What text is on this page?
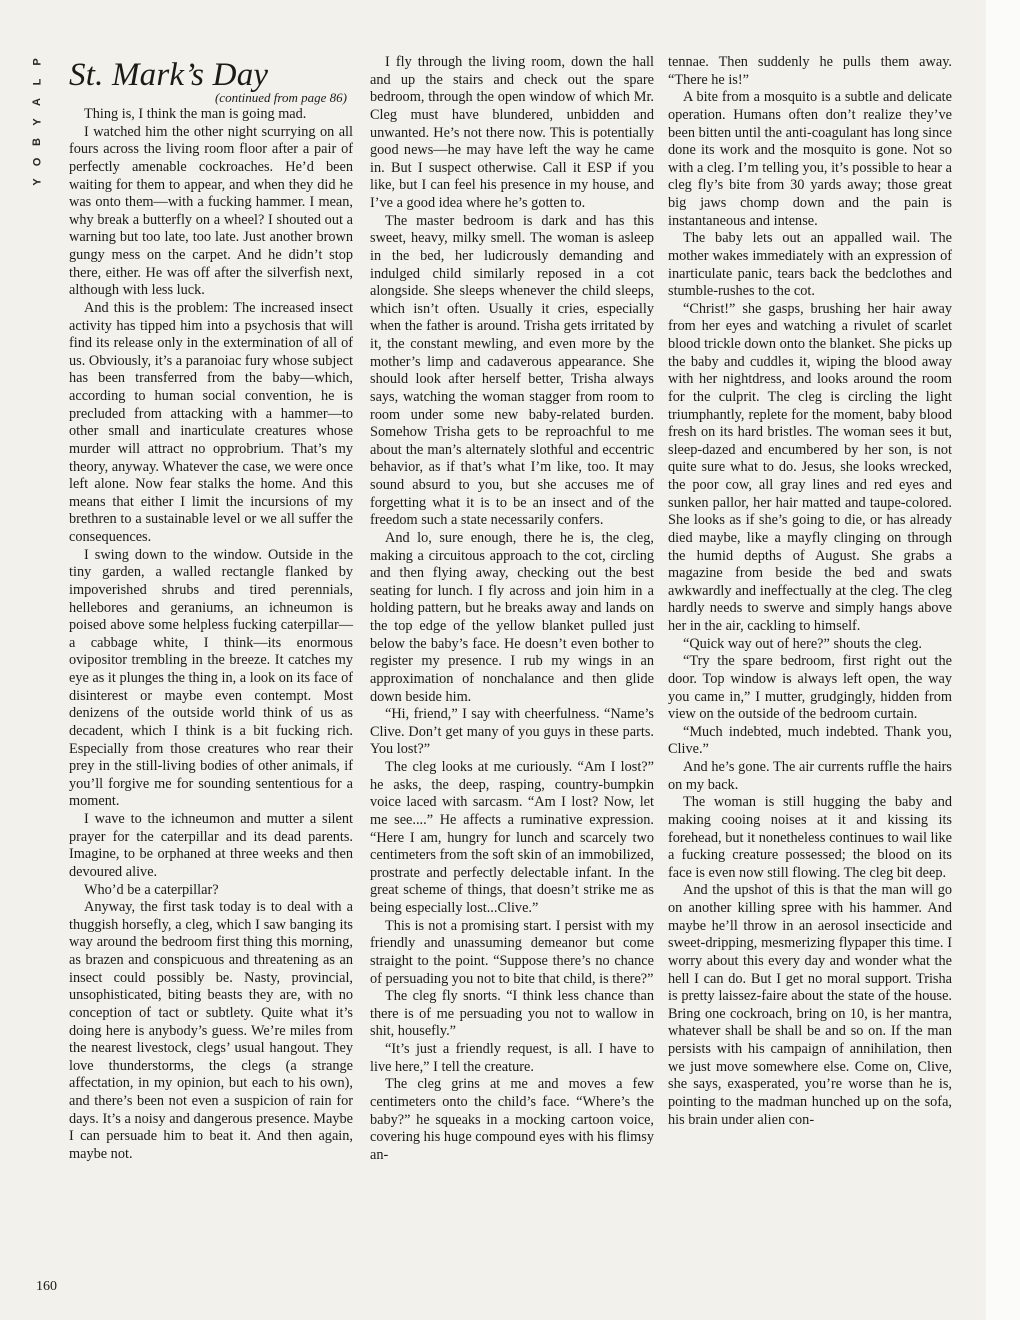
P
L
A
Y
B
O
Y
St. Mark’s Day
(continued from page 86)

Thing is, I think the man is going mad.

I watched him the other night scurrying on all fours across the living room floor after a pair of perfectly amenable cockroaches. He’d been waiting for them to appear, and when they did he was onto them—with a fucking hammer. I mean, why break a butterfly on a wheel? I shouted out a warning but too late, too late. Just another brown gungy mess on the carpet. And he didn’t stop there, either. He was off after the silverfish next, although with less luck.

And this is the problem: The increased insect activity has tipped him into a psychosis that will find its release only in the extermination of all of us. Obviously, it’s a paranoiac fury whose subject has been transferred from the baby—which, according to human social convention, he is precluded from attacking with a hammer—to other small and inarticulate creatures whose murder will attract no opprobrium. That’s my theory, anyway. Whatever the case, we were once left alone. Now fear stalks the home. And this means that either I limit the incursions of my brethren to a sustainable level or we all suffer the consequences.

I swing down to the window. Outside in the tiny garden, a walled rectangle flanked by impoverished shrubs and tired perennials, hellebores and geraniums, an ichneumon is poised above some helpless fucking caterpillar—a cabbage white, I think—its enormous ovipositor trembling in the breeze. It catches my eye as it plunges the thing in, a look on its face of disinterest or maybe even contempt. Most denizens of the outside world think of us as decadent, which I think is a bit fucking rich. Especially from those creatures who rear their prey in the still-living bodies of other animals, if you’ll forgive me for sounding sententious for a moment.

I wave to the ichneumon and mutter a silent prayer for the caterpillar and its dead parents. Imagine, to be orphaned at three weeks and then devoured alive.

Who’d be a caterpillar?

Anyway, the first task today is to deal with a thuggish horsefly, a cleg, which I saw banging its way around the bedroom first thing this morning, as brazen and conspicuous and threatening as an insect could possibly be. Nasty, provincial, unsophisticated, biting beasts they are, with no conception of tact or subtlety. Quite what it’s doing here is anybody’s guess. We’re miles from the nearest livestock, clegs’ usual hangout. They love thunderstorms, the clegs (a strange affectation, in my opinion, but each to his own), and there’s been not even a suspicion of rain for days. It’s a noisy and dangerous presence. Maybe I can persuade him to beat it. And then again, maybe not.

I fly through the living room, down the hall and up the stairs and check out the spare bedroom, through the open window of which Mr. Cleg must have blundered, unbidden and unwanted. He’s not there now. This is potentially good news—he may have left the way he came in. But I suspect otherwise. Call it ESP if you like, but I can feel his presence in my house, and I’ve a good idea where he’s gotten to.

The master bedroom is dark and has this sweet, heavy, milky smell. The woman is asleep in the bed, her ludicrously demanding and indulged child similarly reposed in a cot alongside. She sleeps whenever the child sleeps, which isn’t often. Usually it cries, especially when the father is around. Trisha gets irritated by it, the constant mewling, and even more by the mother’s limp and cadaverous appearance. She should look after herself better, Trisha always says, watching the woman stagger from room to room under some new baby-related burden. Somehow Trisha gets to be reproachful to me about the man’s alternately slothful and eccentric behavior, as if that’s what I’m like, too. It may sound absurd to you, but she accuses me of forgetting what it is to be an insect and of the freedom such a state necessarily confers.

And lo, sure enough, there he is, the cleg, making a circuitous approach to the cot, circling and then flying away, checking out the best seating for lunch. I fly across and join him in a holding pattern, but he breaks away and lands on the top edge of the yellow blanket pulled just below the baby’s face. He doesn’t even bother to register my presence. I rub my wings in an approximation of nonchalance and then glide down beside him.

“Hi, friend,” I say with cheerfulness. “Name’s Clive. Don’t get many of you guys in these parts. You lost?”

The cleg looks at me curiously. “Am I lost?” he asks, the deep, rasping, country-bumpkin voice laced with sarcasm. “Am I lost? Now, let me see....” He affects a ruminative expression. “Here I am, hungry for lunch and scarcely two centimeters from the soft skin of an immobilized, prostrate and perfectly delectable infant. In the great scheme of things, that doesn’t strike me as being especially lost...Clive.”

This is not a promising start. I persist with my friendly and unassuming demeanor but come straight to the point. “Suppose there’s no chance of persuading you not to bite that child, is there?”

The cleg fly snorts. “I think less chance than there is of me persuading you not to wallow in shit, housefly.”

“It’s just a friendly request, is all. I have to live here,” I tell the creature.

The cleg grins at me and moves a few centimeters onto the child’s face. “Where’s the baby?” he squeaks in a mocking cartoon voice, covering his huge compound eyes with his flimsy an-

tennae. Then suddenly he pulls them away. “There he is!”

A bite from a mosquito is a subtle and delicate operation. Humans often don’t realize they’ve been bitten until the anti-coagulant has long since done its work and the mosquito is gone. Not so with a cleg. I’m telling you, it’s possible to hear a cleg fly’s bite from 30 yards away; those great big jaws chomp down and the pain is instantaneous and intense.

The baby lets out an appalled wail. The mother wakes immediately with an expression of inarticulate panic, tears back the bedclothes and stumble-rushes to the cot.

“Christ!” she gasps, brushing her hair away from her eyes and watching a rivulet of scarlet blood trickle down onto the blanket. She picks up the baby and cuddles it, wiping the blood away with her nightdress, and looks around the room for the culprit. The cleg is circling the light triumphantly, replete for the moment, baby blood fresh on its hard bristles. The woman sees it but, sleep-dazed and encumbered by her son, is not quite sure what to do. Jesus, she looks wrecked, the poor cow, all gray lines and red eyes and sunken pallor, her hair matted and taupe-colored. She looks as if she’s going to die, or has already died maybe, like a mayfly clinging on through the humid depths of August. She grabs a magazine from beside the bed and swats awkwardly and ineffectually at the cleg. The cleg hardly needs to swerve and simply hangs above her in the air, cackling to himself.

“Quick way out of here?” shouts the cleg.

“Try the spare bedroom, first right out the door. Top window is always left open, the way you came in,” I mutter, grudgingly, hidden from view on the outside of the bedroom curtain.

“Much indebted, much indebted. Thank you, Clive.”

And he’s gone. The air currents ruffle the hairs on my back.

The woman is still hugging the baby and making cooing noises at it and kissing its forehead, but it nonetheless continues to wail like a fucking creature possessed; the blood on its face is even now still flowing. The cleg bit deep.

And the upshot of this is that the man will go on another killing spree with his hammer. And maybe he’ll throw in an aerosol insecticide and sweet-dripping, mesmerizing flypaper this time. I worry about this every day and wonder what the hell I can do. But I get no moral support. Trisha is pretty laissez-faire about the state of the house. Bring one cockroach, bring on 10, is her mantra, whatever shall be shall be and so on. If the man persists with his campaign of annihilation, then we just move somewhere else. Come on, Clive, she says, exasperated, you’re worse than he is, pointing to the madman hunched up on the sofa, his brain under alien con-

160
